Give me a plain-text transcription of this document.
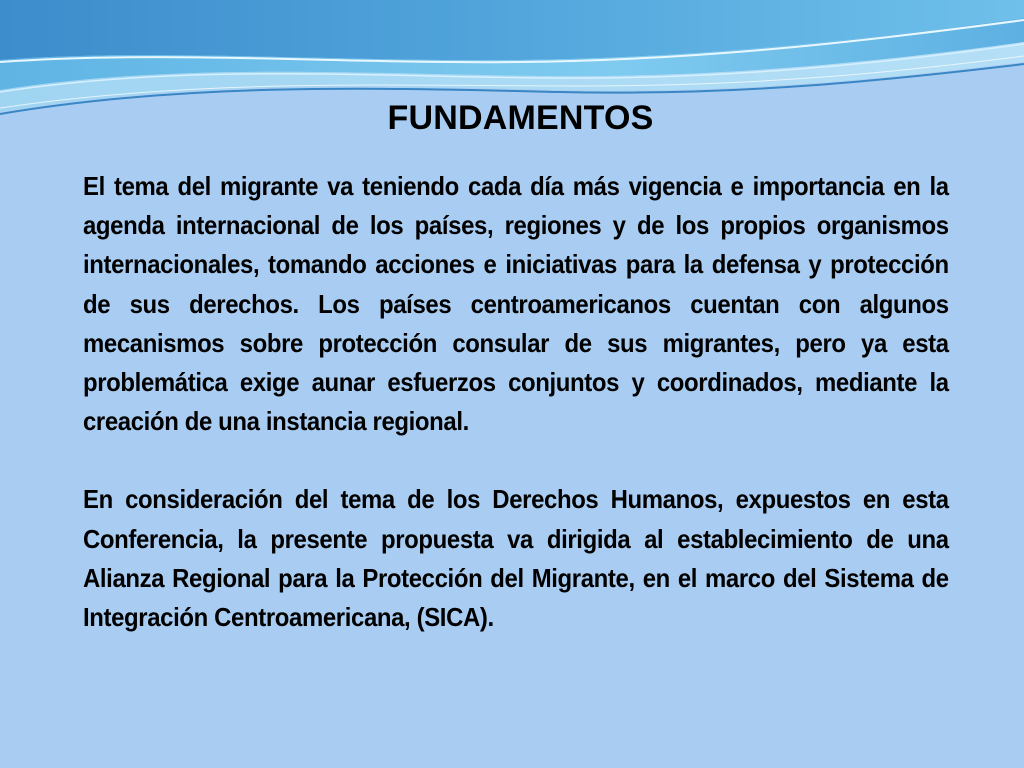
FUNDAMENTOS

El tema del migrante va teniendo cada día más vigencia e importancia en la agenda internacional de los países, regiones y de los propios organismos internacionales, tomando acciones e iniciativas para la defensa y protección de sus derechos. Los países centroamericanos cuentan con algunos mecanismos sobre protección consular de sus migrantes, pero ya esta problemática exige aunar esfuerzos conjuntos y coordinados, mediante la creación de una instancia regional.

En consideración del tema de los Derechos Humanos, expuestos en esta Conferencia, la presente propuesta va dirigida al establecimiento de una Alianza Regional para la Protección del Migrante, en el marco del Sistema de Integración Centroamericana, (SICA).
